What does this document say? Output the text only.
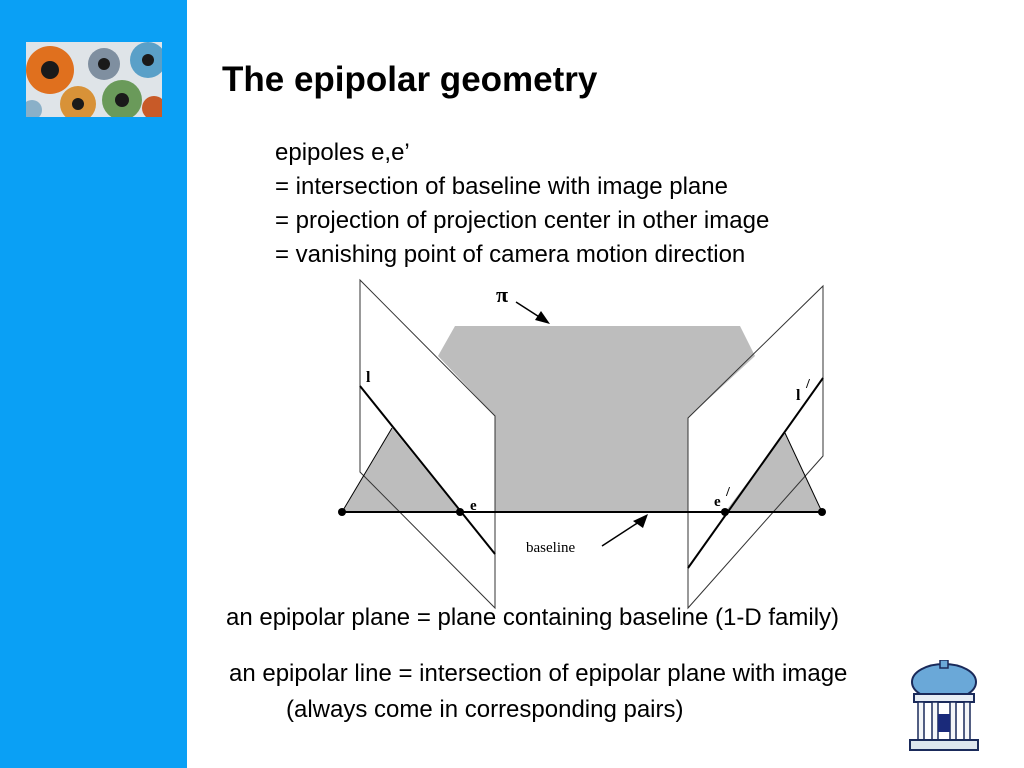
The epipolar geometry
epipoles e,e’
= intersection of baseline with image plane
= projection of projection center in other image
= vanishing point of camera motion direction
π
l
l
/
e	e
/
baseline
an epipolar plane = plane containing baseline (1-D family)
an epipolar line = intersection of epipolar plane with image
(always come in corresponding pairs)
